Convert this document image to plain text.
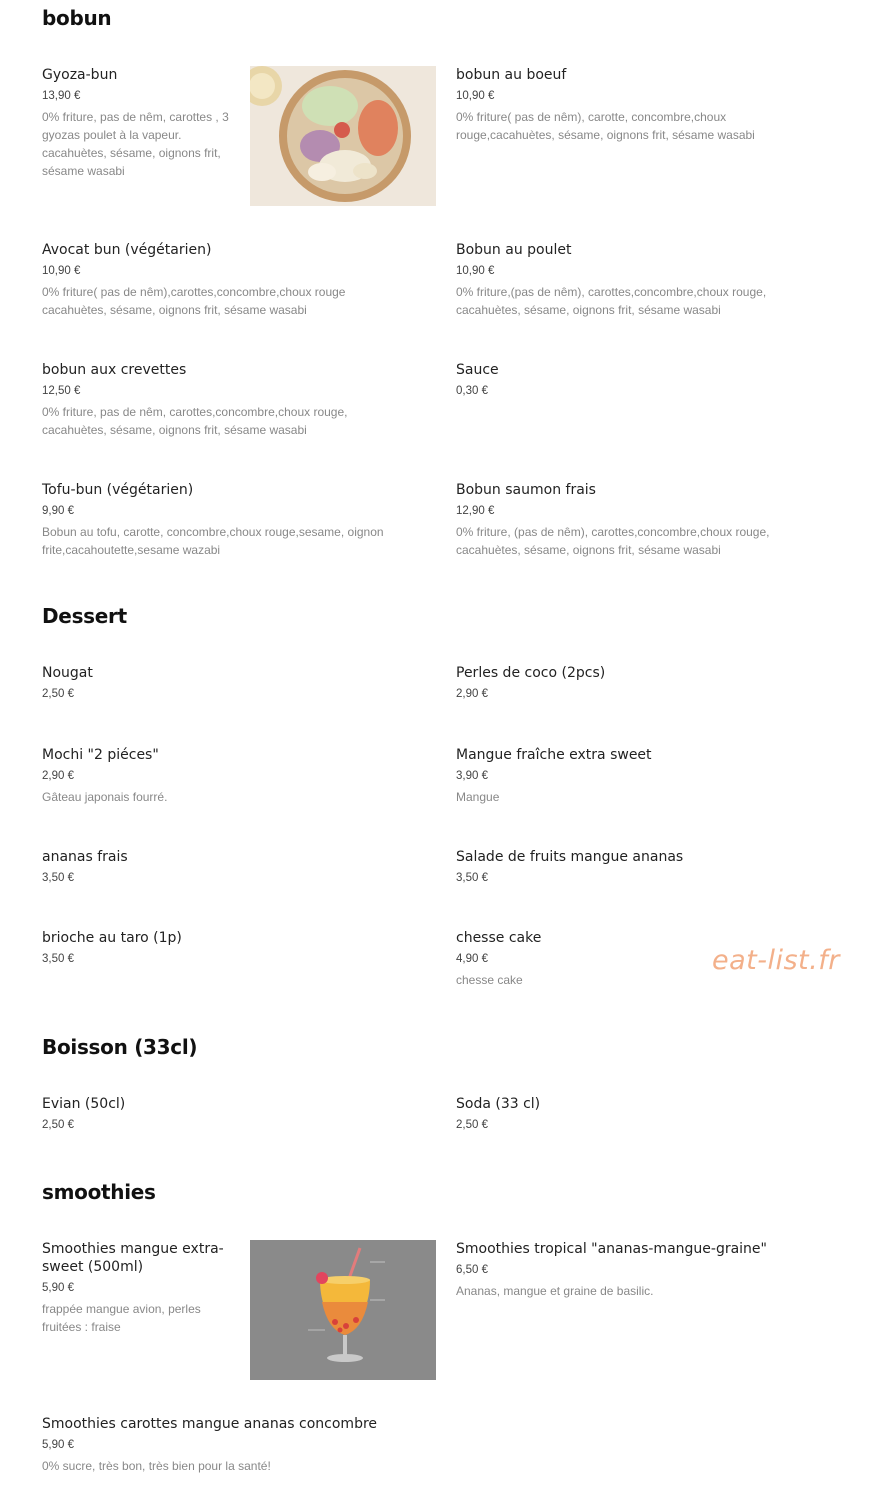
bobun
Gyoza-bun
13,90 €
0% friture, pas de nêm, carottes , 3 gyozas poulet à la vapeur. cacahuètes, sésame, oignons frit, sésame wasabi
bobun au boeuf
10,90 €
0% friture( pas de nêm), carotte, concombre,choux rouge,cacahuètes, sésame, oignons frit, sésame wasabi
Avocat bun (végétarien)
10,90 €
0% friture( pas de nêm),carottes,concombre,choux rouge cacahuètes, sésame, oignons frit, sésame wasabi
Bobun au poulet
10,90 €
0% friture,(pas de nêm), carottes,concombre,choux rouge, cacahuètes, sésame, oignons frit, sésame wasabi
bobun aux crevettes
12,50 €
0% friture, pas de nêm, carottes,concombre,choux rouge, cacahuètes, sésame, oignons frit, sésame wasabi
Sauce
0,30 €
Tofu-bun (végétarien)
9,90 €
Bobun au tofu, carotte, concombre,choux rouge,sesame, oignon frite,cacahoutette,sesame wazabi
Bobun saumon frais
12,90 €
0% friture, (pas de nêm), carottes,concombre,choux rouge, cacahuètes, sésame, oignons frit, sésame wasabi
Dessert
Nougat
2,50 €
Perles de coco (2pcs)
2,90 €
Mochi "2 piéces"
2,90 €
Gâteau japonais fourré.
Mangue fraîche extra sweet
3,90 €
Mangue
ananas frais
3,50 €
Salade de fruits mangue ananas
3,50 €
brioche au taro (1p)
3,50 €
chesse cake
4,90 €
chesse cake
eat-list.fr
Boisson (33cl)
Evian (50cl)
2,50 €
Soda (33 cl)
2,50 €
smoothies
Smoothies mangue extra-sweet (500ml)
5,90 €
frappée mangue avion, perles fruitées : fraise
Smoothies tropical "ananas-mangue-graine"
6,50 €
Ananas, mangue et graine de basilic.
Smoothies carottes mangue ananas concombre
5,90 €
0% sucre, très bon, très bien pour la santé!
